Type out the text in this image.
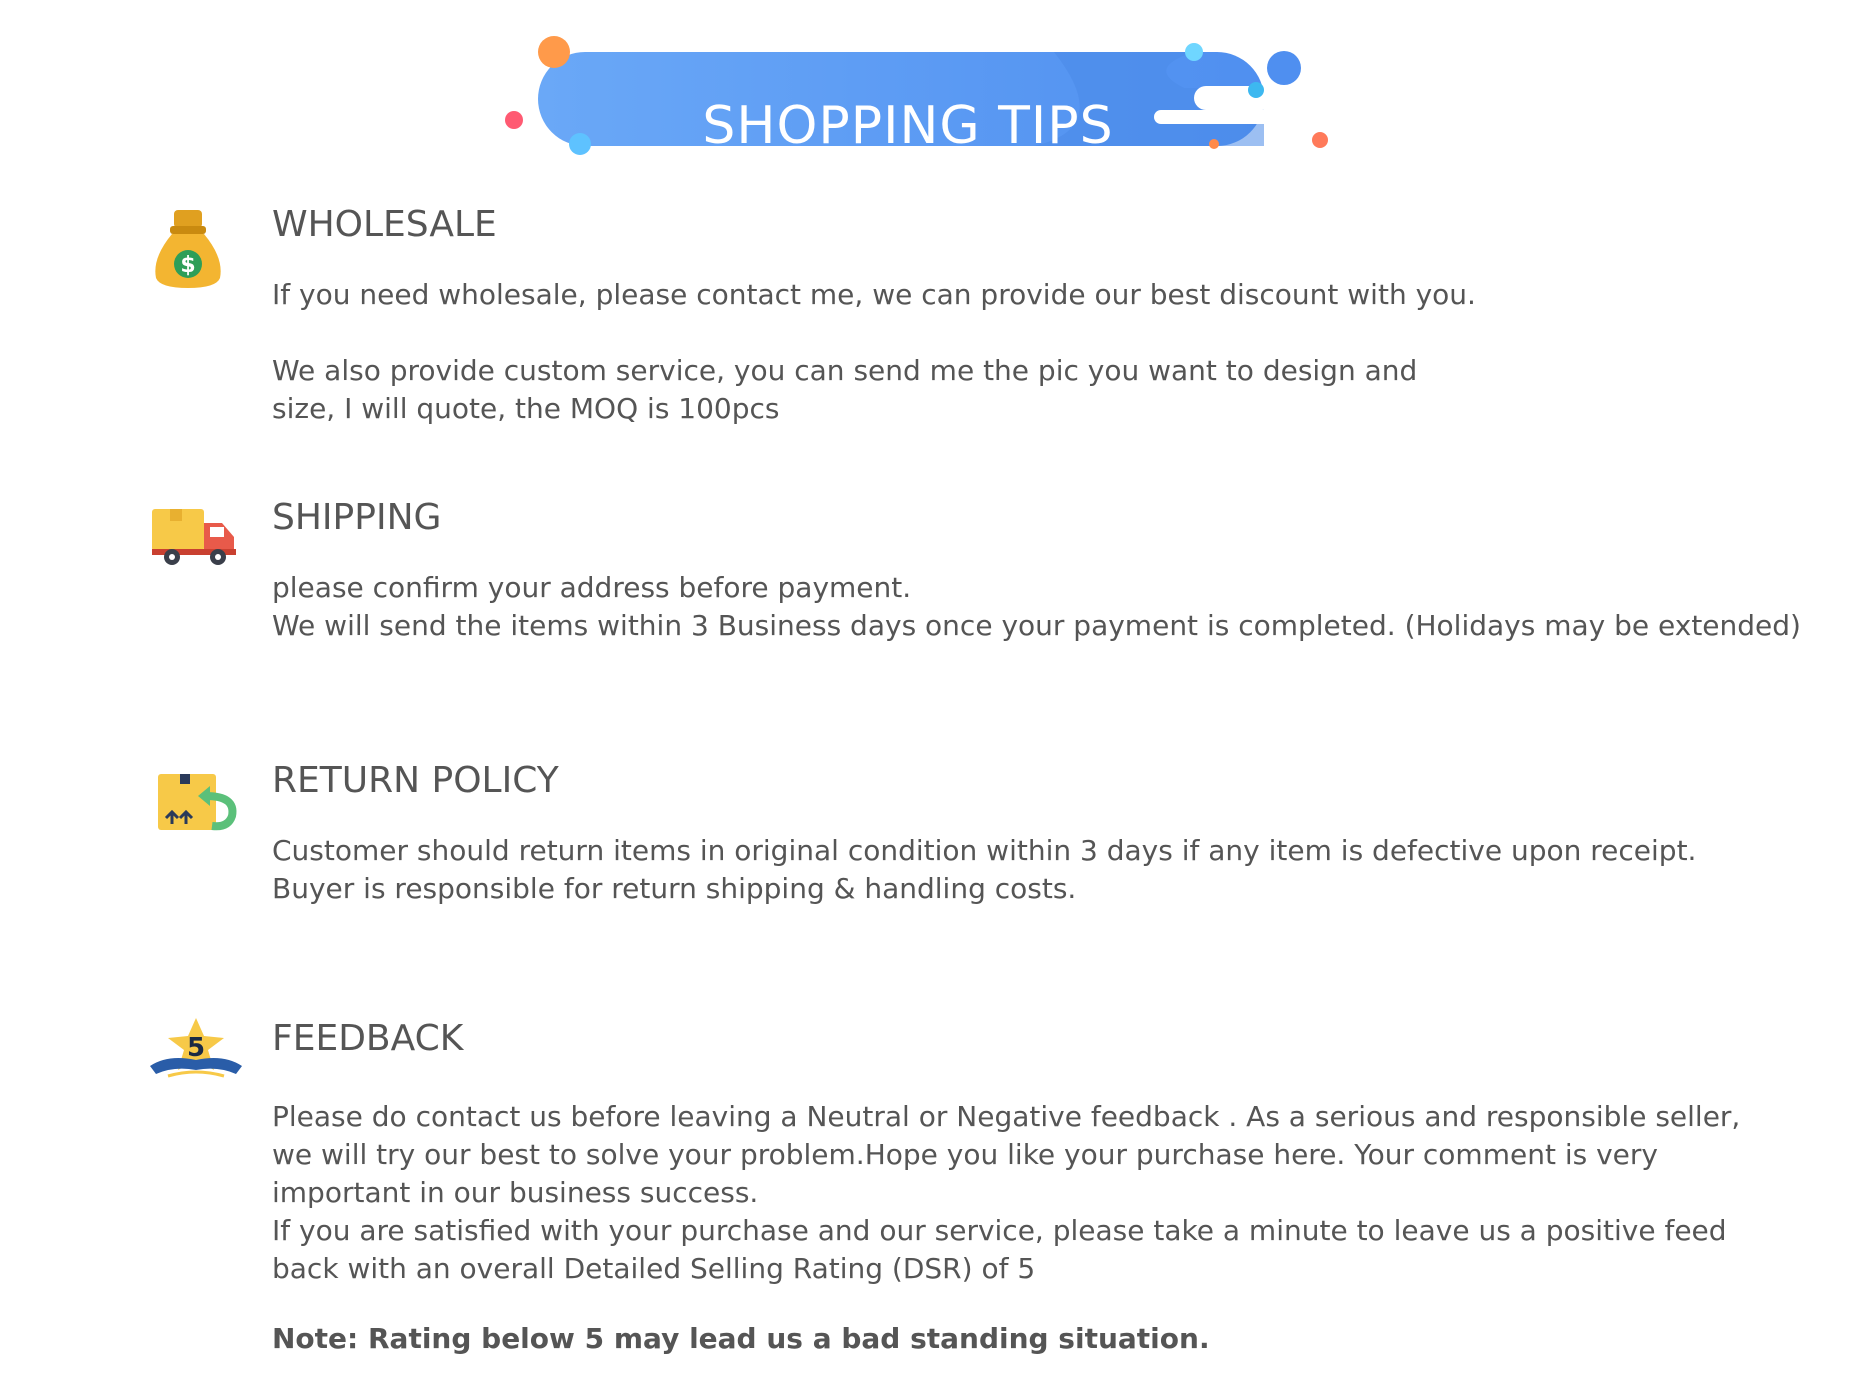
SHOPPING TIPS
$
WHOLESALE

If you need wholesale, please contact me, we can provide our best discount with you.

We also provide custom service, you can send me the pic you want to design and size, I will quote, the MOQ is 100pcs

SHIPPING

please confirm your address before payment.

We will send the items within 3 Business days once your payment is completed. (Holidays may be extended)

RETURN POLICY

Customer should return items in original condition within 3 days if any item is defective upon receipt. Buyer is responsible for return shipping & handling costs.

5 FEEDBACK

Please do contact us before leaving a Neutral or Negative feedback . As a serious and responsible seller, we will try our best to solve your problem.Hope you like your purchase here. Your comment is very important in our business success.

If you are satisfied with your purchase and our service, please take a minute to leave us a positive feedback with an overall Detailed Selling Rating (DSR) of 5

Note: Rating below 5 may lead us a bad standing situation.
